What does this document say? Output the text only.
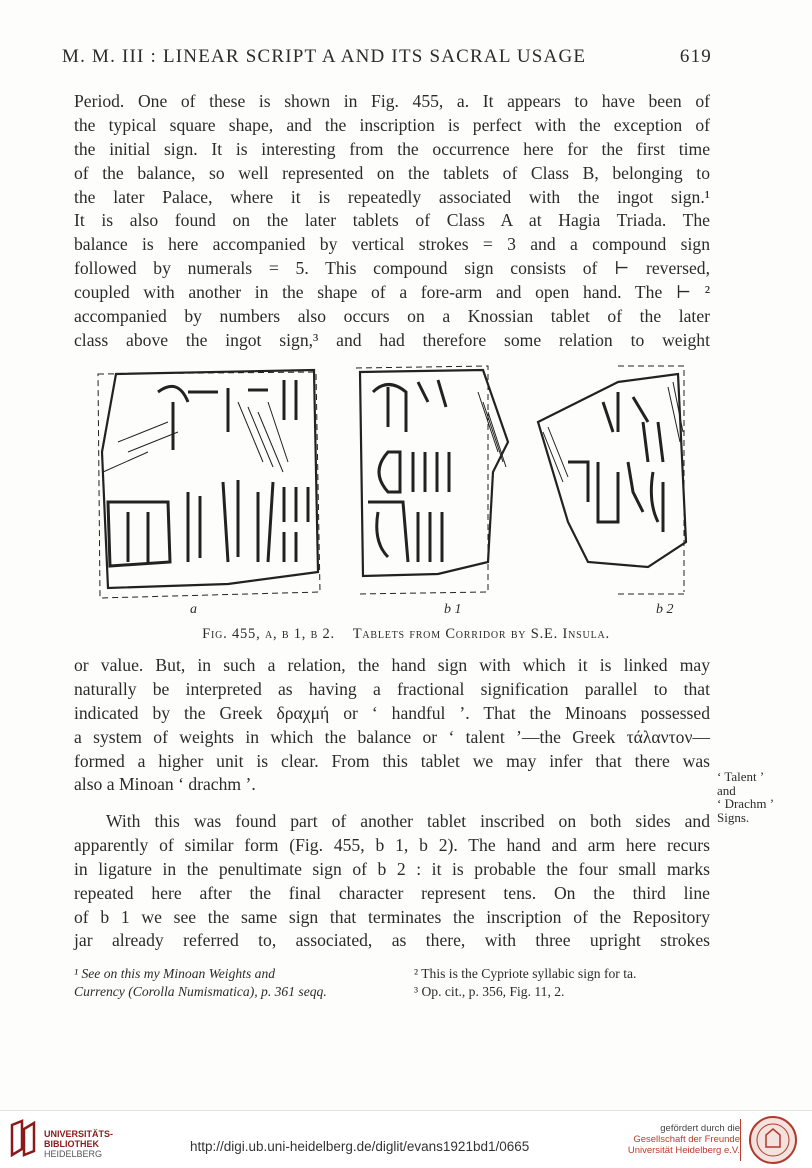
M. M. III : LINEAR SCRIPT A AND ITS SACRAL USAGE	619
Period. One of these is shown in Fig. 455, a. It appears to have been of
the typical square shape, and the inscription is perfect with the exception of
the initial sign. It is interesting from the occurrence here for the first time
of the balance, so well represented on the tablets of Class B, belonging to
the later Palace, where it is repeatedly associated with the ingot sign.¹
It is also found on the later tablets of Class A at Hagia Triada. The
balance is here accompanied by vertical strokes = 3 and a compound sign
followed by numerals = 5. This compound sign consists of ⊢ reversed,
coupled with another in the shape of a fore-arm and open hand. The ⊢ ²
accompanied by numbers also occurs on a Knossian tablet of the later
class above the ingot sign,³ and had therefore some relation to weight
a	b 1	b 2
Fig. 455, a, b 1, b 2. Tablets from Corridor by S.E. Insula.
or value. But, in such a relation, the hand sign with which it is linked may
naturally be interpreted as having a fractional signification parallel to that
indicated by the Greek δραχμή or ‘ handful ’. That the Minoans possessed
a system of weights in which the balance or ‘ talent ’—the Greek τάλαντον—
formed a higher unit is clear. From this tablet we may infer that there was
also a Minoan ‘ drachm ’.	‘ Talent ’
and
‘ Drachm ’
Signs.
With this was found part of another tablet inscribed on both sides and
apparently of similar form (Fig. 455, b 1, b 2). The hand and arm here recurs
in ligature in the penultimate sign of b 2 : it is probable the four small marks
repeated here after the final character represent tens. On the third line
of b 1 we see the same sign that terminates the inscription of the Repository
jar already referred to, associated, as there, with three upright strokes
¹ See on this my Minoan Weights and
Currency (Corolla Numismatica), p. 361 seqq.
² This is the Cypriote syllabic sign for ta.
³ Op. cit., p. 356, Fig. 11, 2.
UNIVERSITÄTS-
BIBLIOTHEK
HEIDELBERG	http://digi.ub.uni-heidelberg.de/diglit/evans1921bd1/0665
gefördert durch die

Gesellschaft der Freunde
Universität Heidelberg e.V.
